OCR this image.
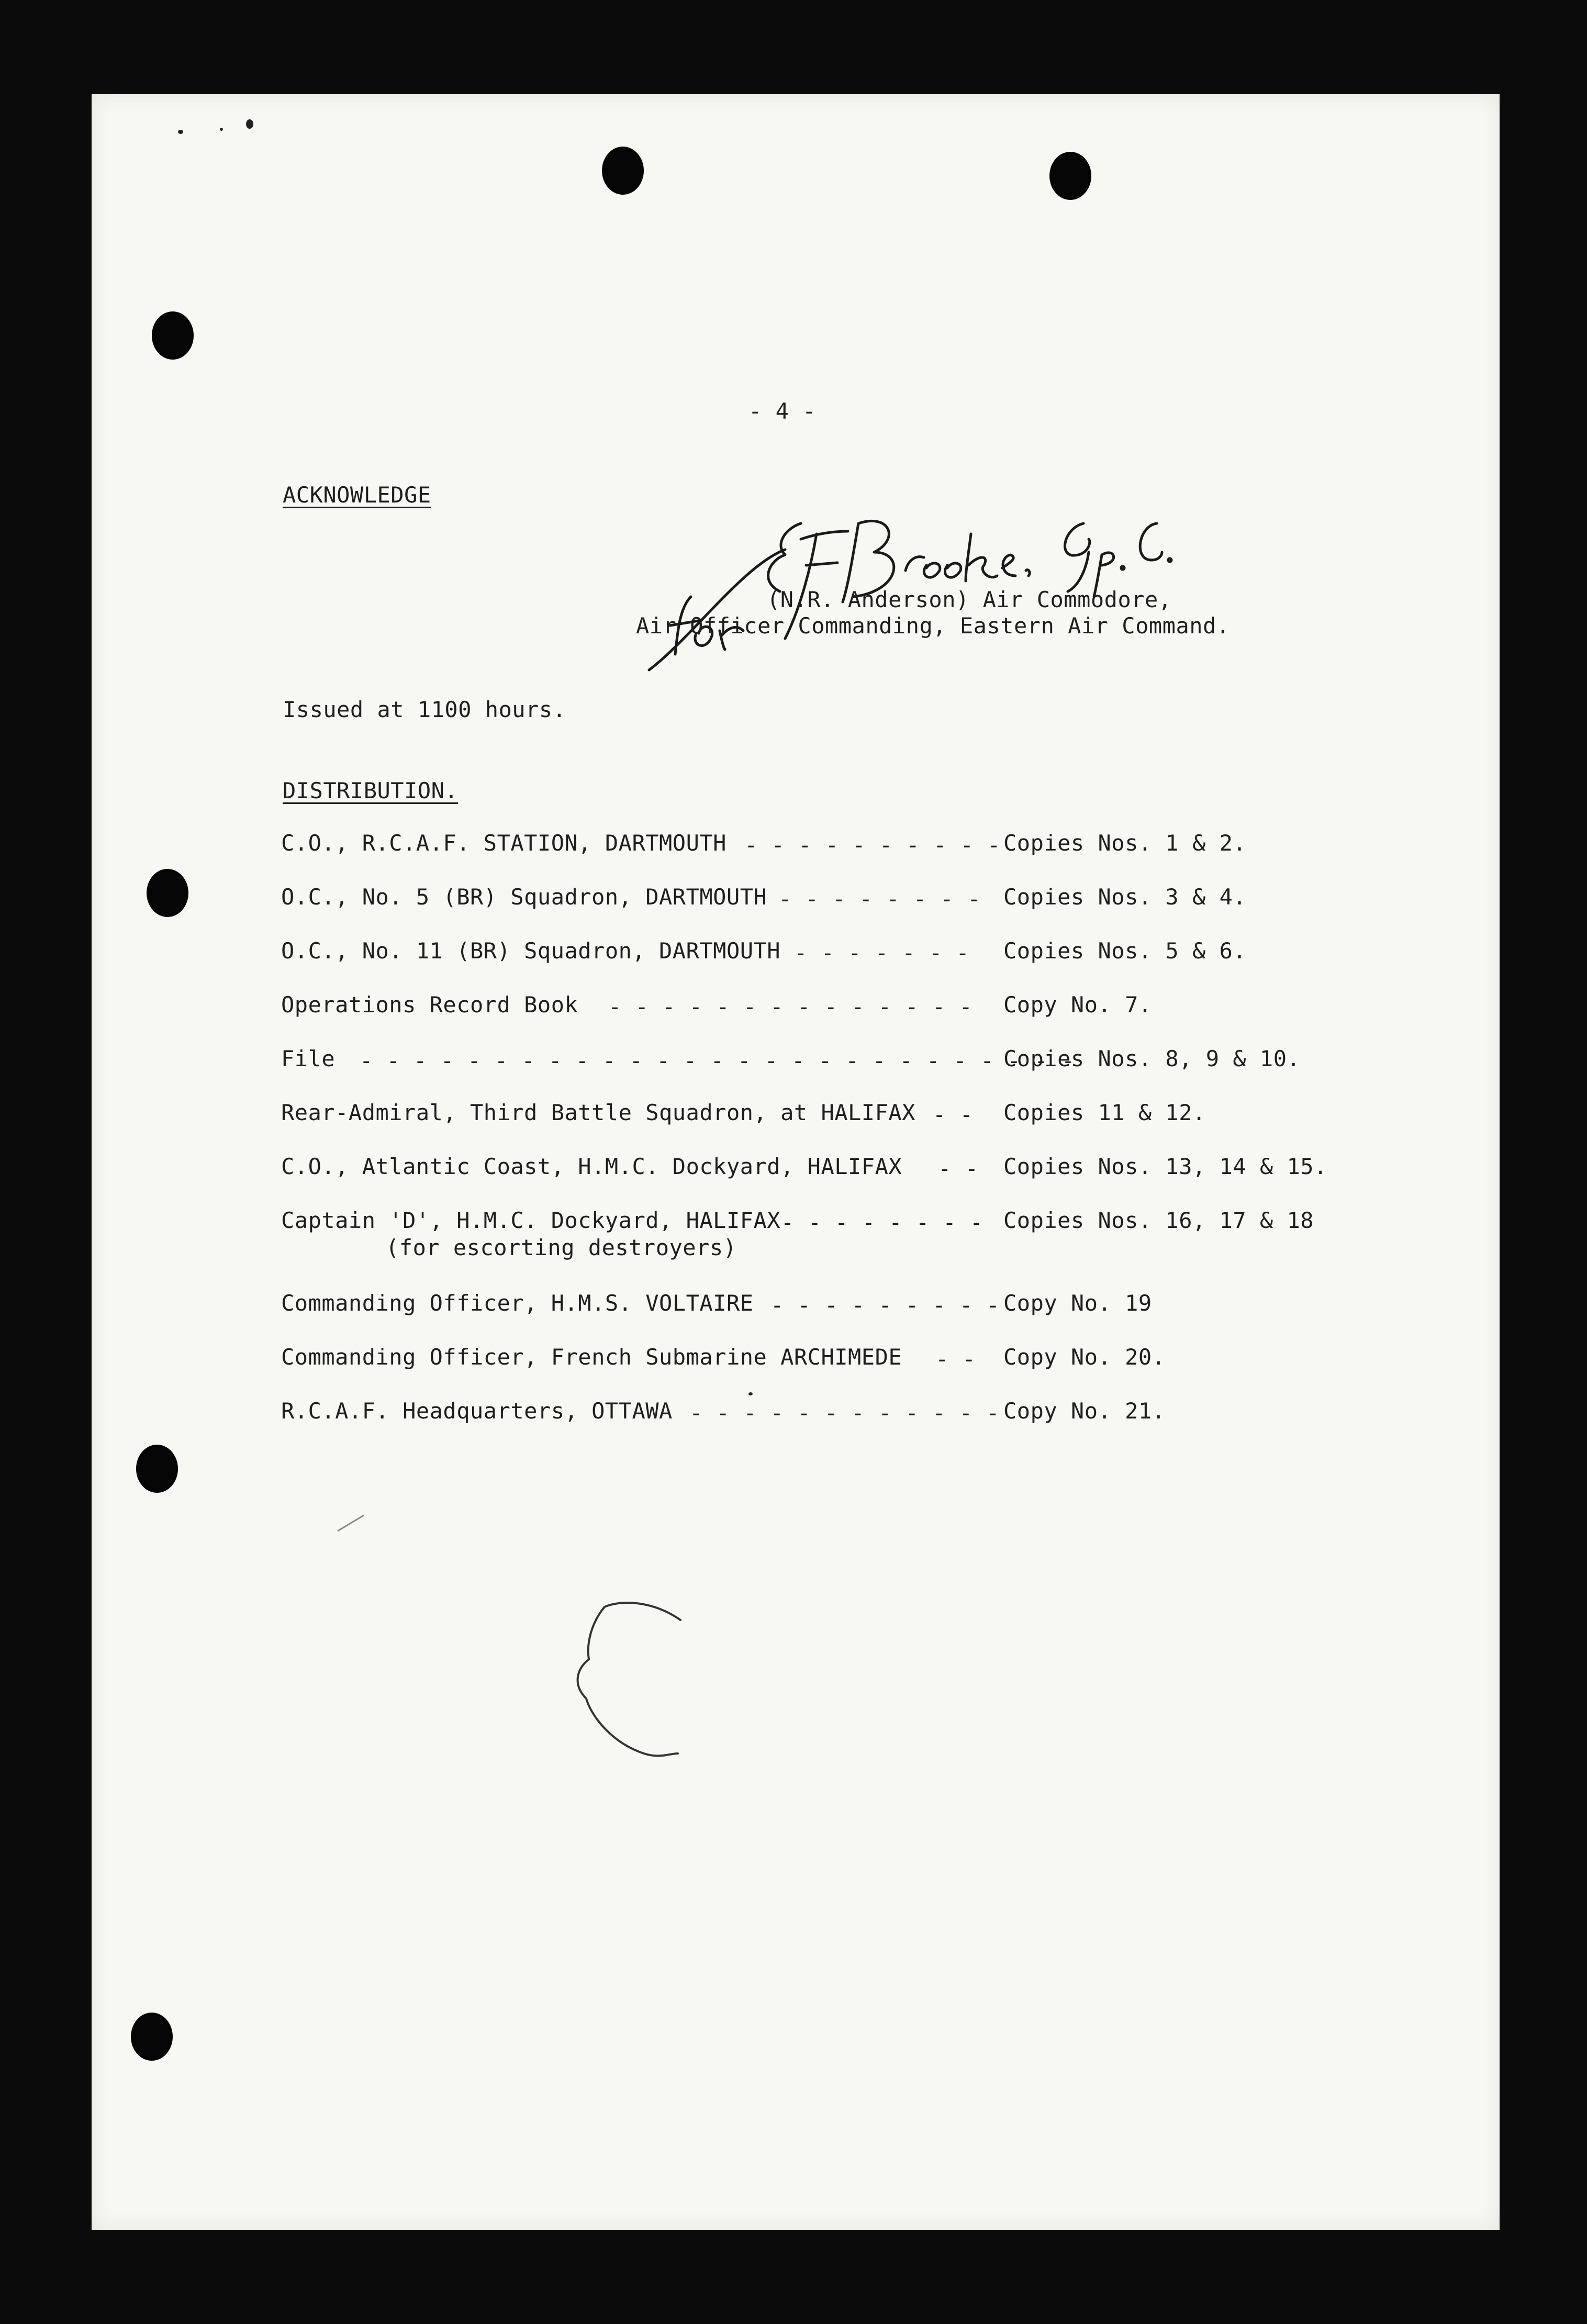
- 4 -
ACKNOWLEDGE
(N.R. Anderson) Air Commodore,
Air Officer Commanding, Eastern Air Command.
Issued at 1100 hours.
DISTRIBUTION.
C.O., R.C.A.F. STATION, DARTMOUTH - - - - - - - - - - Copies Nos. 1 & 2.
O.C., No. 5 (BR) Squadron, DARTMOUTH - - - - - - - - Copies Nos. 3 & 4.
O.C., No. 11 (BR) Squadron, DARTMOUTH - - - - - - - Copies Nos. 5 & 6.
Operations Record Book - - - - - - - - - - - - - - Copy No. 7.
File - - - - - - - - - - - - - - - - - - - - - - - - - - -
Copies Nos. 8, 9 & 10.
Rear-Admiral, Third Battle Squadron, at HALIFAX - - Copies 11 & 12.
C.O., Atlantic Coast, H.M.C. Dockyard, HALIFAX - - Copies Nos. 13, 14 & 15.
Captain 'D', H.M.C. Dockyard, HALIFAX - - - - - - - - Copies Nos. 16, 17 & 18
(for escorting destroyers)
Commanding Officer, H.M.S. VOLTAIRE - - - - - - - - - Copy No. 19
Commanding Officer, French Submarine ARCHIMEDE - - Copy No. 20.
R.C.A.F. Headquarters, OTTAWA - - - - - - - - - - - - Copy No. 21.
